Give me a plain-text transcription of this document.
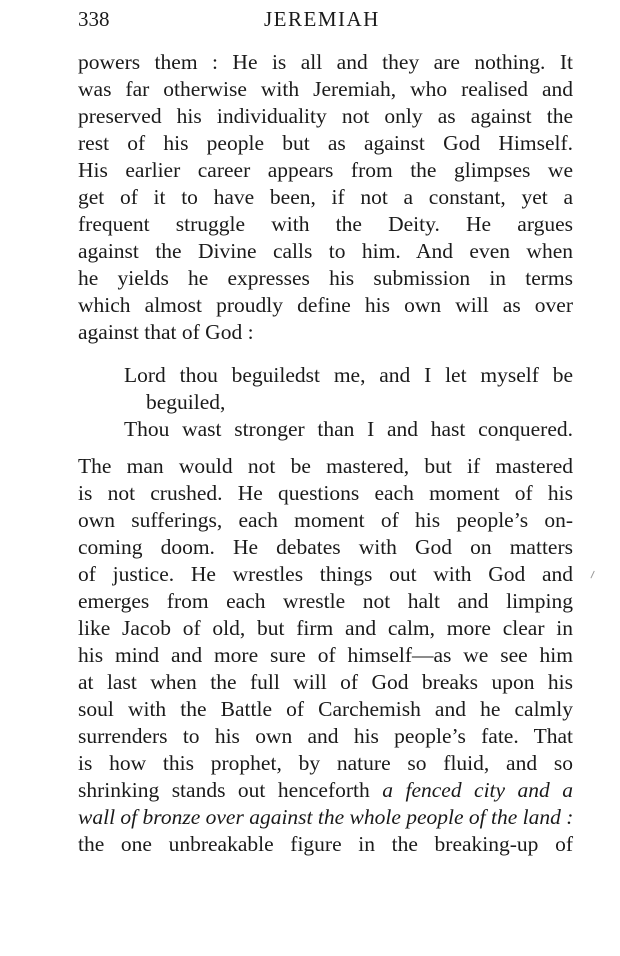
338	JEREMIAH
powers them : He is all and they are nothing. It
was far otherwise with Jeremiah, who realised and
preserved his individuality not only as against the
rest of his people but as against God Himself.
His earlier career appears from the glimpses we
get of it to have been, if not a constant, yet a
frequent struggle with the Deity. He argues
against the Divine calls to him. And even when
he yields he expresses his submission in terms
which almost proudly define his own will as over
against that of God :
Lord thou beguiledst me, and I let myself be
beguiled,
Thou wast stronger than I and hast conquered.
The man would not be mastered, but if mastered
is not crushed. He questions each moment of his
own sufferings, each moment of his people’s on-
coming doom. He debates with God on matters
of justice. He wrestles things out with God and
emerges from each wrestle not halt and limping
like Jacob of old, but firm and calm, more clear in
his mind and more sure of himself—as we see him
at last when the full will of God breaks upon his
soul with the Battle of Carchemish and he calmly
surrenders to his own and his people’s fate. That
is how this prophet, by nature so fluid, and so
shrinking stands out henceforth a fenced city and a
wall of bronze over against the whole people of the land :
the one unbreakable figure in the breaking-up of
